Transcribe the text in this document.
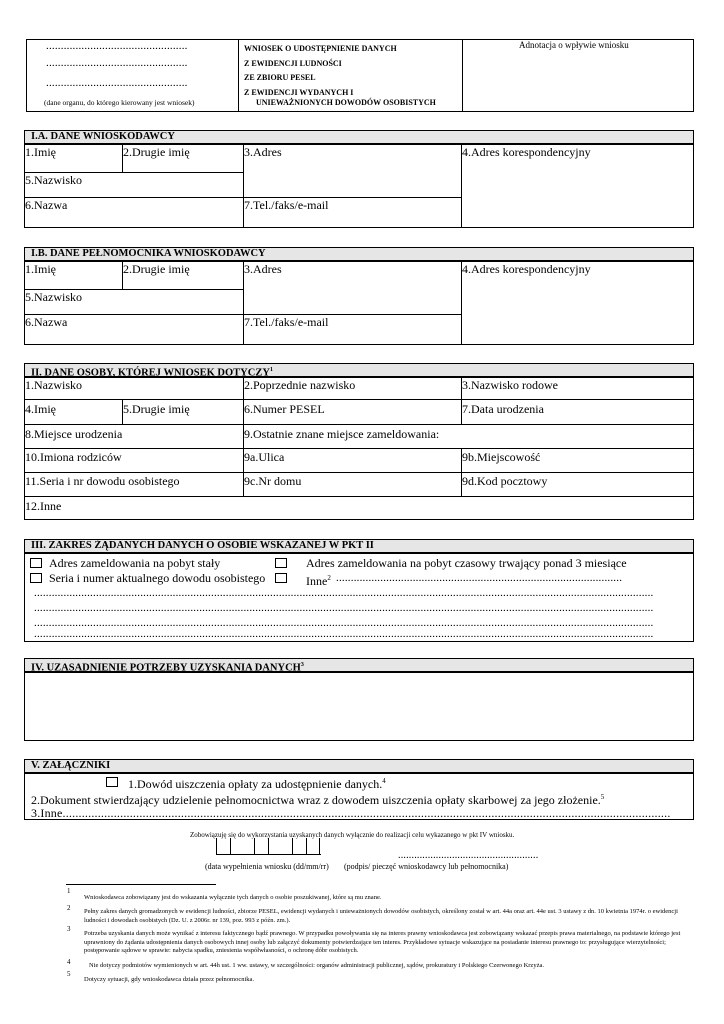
................................................
................................................
................................................
(dane organu, do którego kierowany jest wniosek)
WNIOSEK O UDOSTĘPNIENIE DANYCH
Z EWIDENCJI LUDNOŚCI
ZE ZBIORU PESEL
Z EWIDENCJI WYDANYCH I
UNIEWAŻNIONYCH DOWODÓW OSOBISTYCH
Adnotacja o wpływie wniosku
I.A. DANE WNIOSKODAWCY
1.Imię	2.Drugie imię	3.Adres	4.Adres korespondencyjny
5.Nazwisko
6.Nazwa	7.Tel./faks/e-mail
I.B. DANE PEŁNOMOCNIKA WNIOSKODAWCY
1.Imię	2.Drugie imię	3.Adres	4.Adres korespondencyjny
5.Nazwisko
6.Nazwa	7.Tel./faks/e-mail
II. DANE OSOBY, KTÓREJ WNIOSEK DOTYCZY$^1$
1.Nazwisko	2.Poprzednie nazwisko	3.Nazwisko rodowe
4.Imię	5.Drugie imię	6.Numer PESEL	7.Data urodzenia
8.Miejsce urodzenia	9.Ostatnie znane miejsce zameldowania:
10.Imiona rodziców	9a.Ulica	9b.Miejscowość
11.Seria i nr dowodu osobistego	9c.Nr domu	9d.Kod pocztowy
12.Inne
III. ZAKRES ŻĄDANYCH DANYCH O OSOBIE WSKAZANEJ W PKT II
Adres zameldowania na pobyt stały	Adres zameldowania na pobyt czasowy trwający ponad 3 miesiące
Seria i numer aktualnego dowodu osobistego	Inne$^2$ .................................................................................................
..................................................................................................................................................................................................................
..................................................................................................................................................................................................................
..................................................................................................................................................................................................................
..................................................................................................................................................................................................................
IV. UZASADNIENIE POTRZEBY UZYSKANIA DANYCH$^3$
V. ZAŁĄCZNIKI
1.Dowód uiszczenia opłaty za udostępnienie danych.$^4$
2.Dokument stwierdzający udzielenie pełnomocnictwa wraz z dowodem uiszczenia opłaty skarbowej za jego złożenie.$^5$
3.Inne..............................................................................................................................................................................................
Zobowiązuję się do wykorzystania uzyskanych danych wyłącznie do realizacji celu wykazanego w pkt IV wniosku.
....................................................
(data wypełnienia wniosku (dd/mm/rr) (podpis/ pieczęć wnioskodawcy lub pełnomocnika)
1
Wnioskodawca zobowiązany jest do wskazania wyłącznie tych danych o osobie poszukiwanej, które są mu znane.
2 Pełny zakres danych gromadzonych w ewidencji ludności, zbiorze PESEL, ewidencji wydanych i unieważnionych dowodów osobistych, określony został w art. 44a oraz art. 44e ust. 3 ustawy z dn. 10 kwietnia 1974r. o ewidencji ludności i dowodach osobistych (Dz. U. z 2006r. nr 139, poz. 993 z późn. zm.).
3
Potrzeba uzyskania danych może wynikać z interesu faktycznego bądź prawnego. W przypadku powoływania się na interes prawny wnioskodawca jest zobowiązany wskazać przepis prawa materialnego, na podstawie którego jest uprawniony do żądania udostępnienia danych osobowych innej osoby lub załączyć dokumenty potwierdzające ten interes. Przykładowe sytuacje wskazujące na posiadanie interesu prawnego to: przysługujące wierzytelności; postępowanie sądowe w sprawie: nabycia spadku, zniesienia współwłasności, o ochronę dóbr osobistych.
4	Nie dotyczy podmiotów wymienionych w art. 44h ust. 1 ww. ustawy, w szczególności: organów administracji publicznej, sądów, prokuratury i Polskiego Czerwonego Krzyża.
5
Dotyczy sytuacji, gdy wnioskodawca działa przez pełnomocnika.
